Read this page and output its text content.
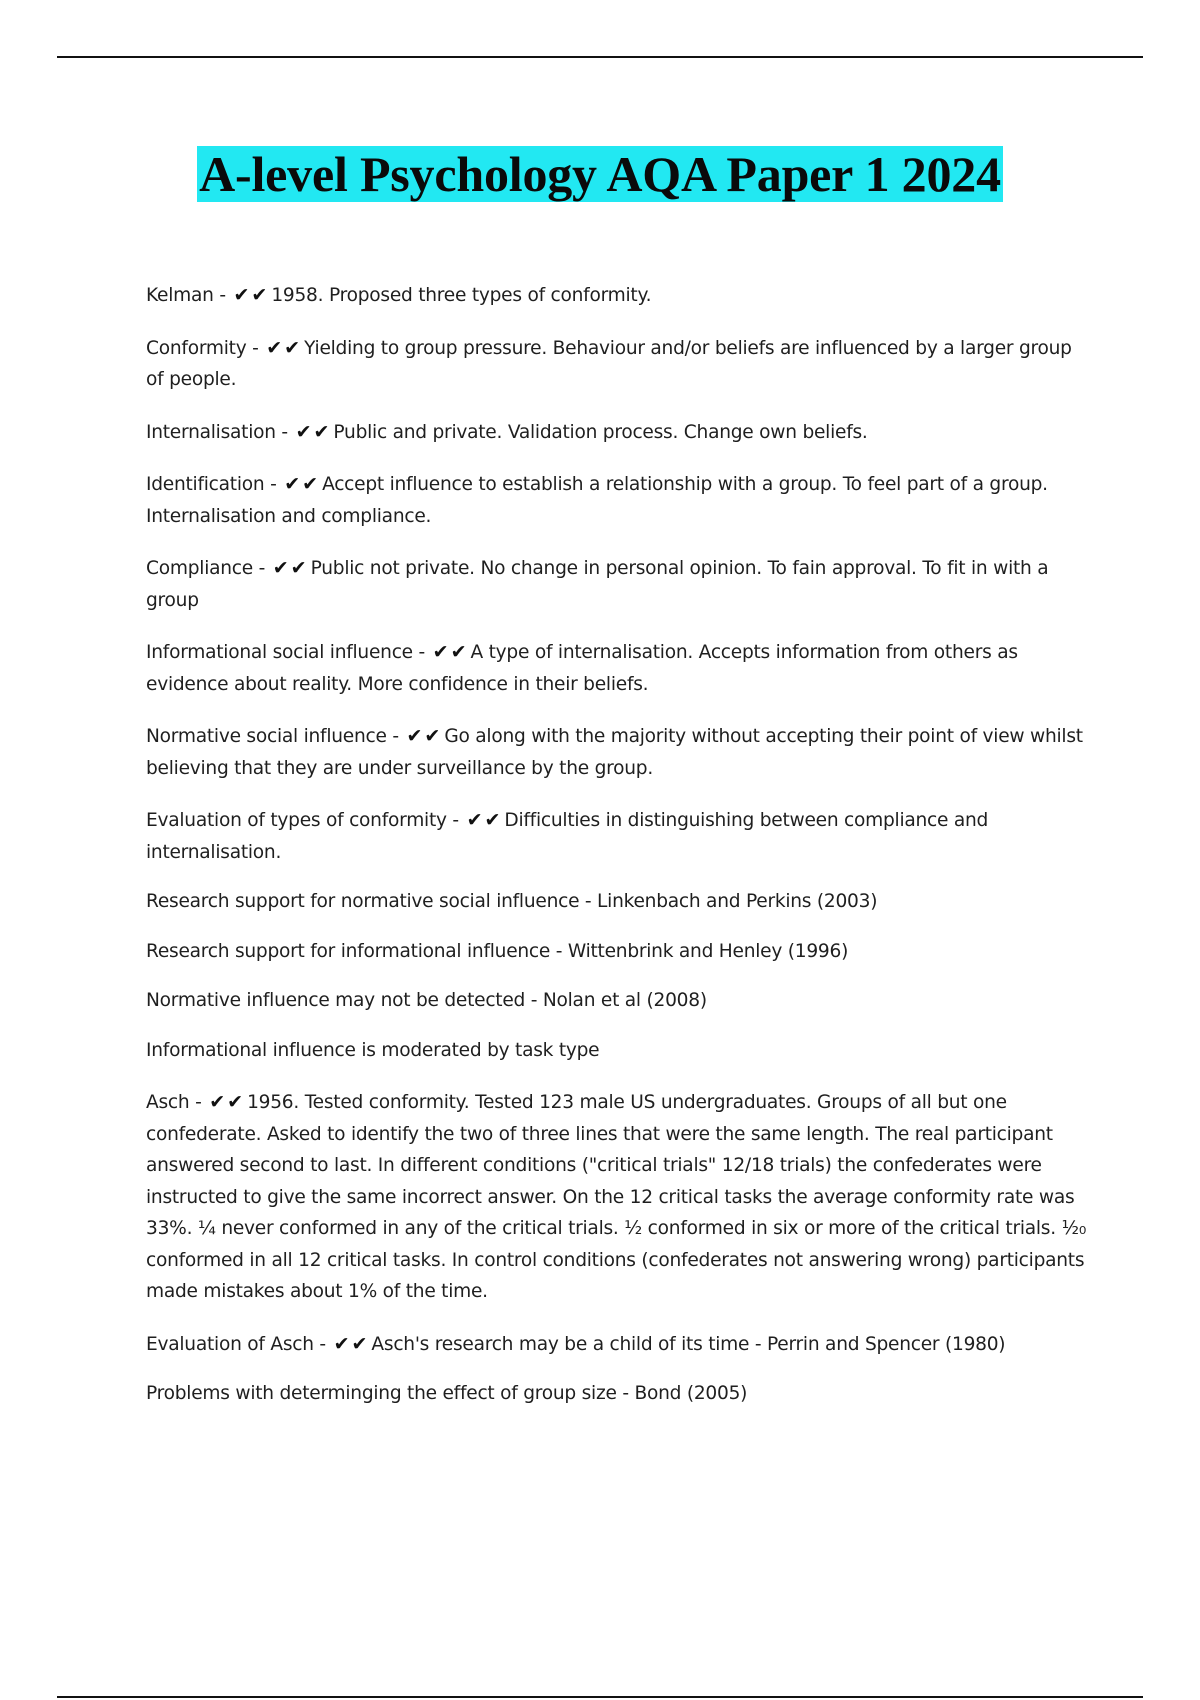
A-level Psychology AQA Paper 1 2024

Kelman - ✔✔ 1958. Proposed three types of conformity.

Conformity - ✔✔ Yielding to group pressure. Behaviour and/or beliefs are influenced by a larger group of people.

Internalisation - ✔✔ Public and private. Validation process. Change own beliefs.

Identification - ✔✔ Accept influence to establish a relationship with a group. To feel part of a group. Internalisation and compliance.

Compliance - ✔✔ Public not private. No change in personal opinion. To fain approval. To fit in with a group

Informational social influence - ✔✔ A type of internalisation. Accepts information from others as evidence about reality. More confidence in their beliefs.

Normative social influence - ✔✔ Go along with the majority without accepting their point of view whilst believing that they are under surveillance by the group.

Evaluation of types of conformity - ✔✔ Difficulties in distinguishing between compliance and internalisation.

Research support for normative social influence - Linkenbach and Perkins (2003)

Research support for informational influence - Wittenbrink and Henley (1996)

Normative influence may not be detected - Nolan et al (2008)

Informational influence is moderated by task type

Asch - ✔✔ 1956. Tested conformity. Tested 123 male US undergraduates. Groups of all but one confederate. Asked to identify the two of three lines that were the same length. The real participant answered second to last. In different conditions ("critical trials" 12/18 trials) the confederates were instructed to give the same incorrect answer. On the 12 critical tasks the average conformity rate was 33%. ¼ never conformed in any of the critical trials. ½ conformed in six or more of the critical trials. ¹⁄₂₀ conformed in all 12 critical tasks. In control conditions (confederates not answering wrong) participants made mistakes about 1% of the time.

Evaluation of Asch - ✔✔ Asch's research may be a child of its time - Perrin and Spencer (1980)

Problems with determinging the effect of group size - Bond (2005)
